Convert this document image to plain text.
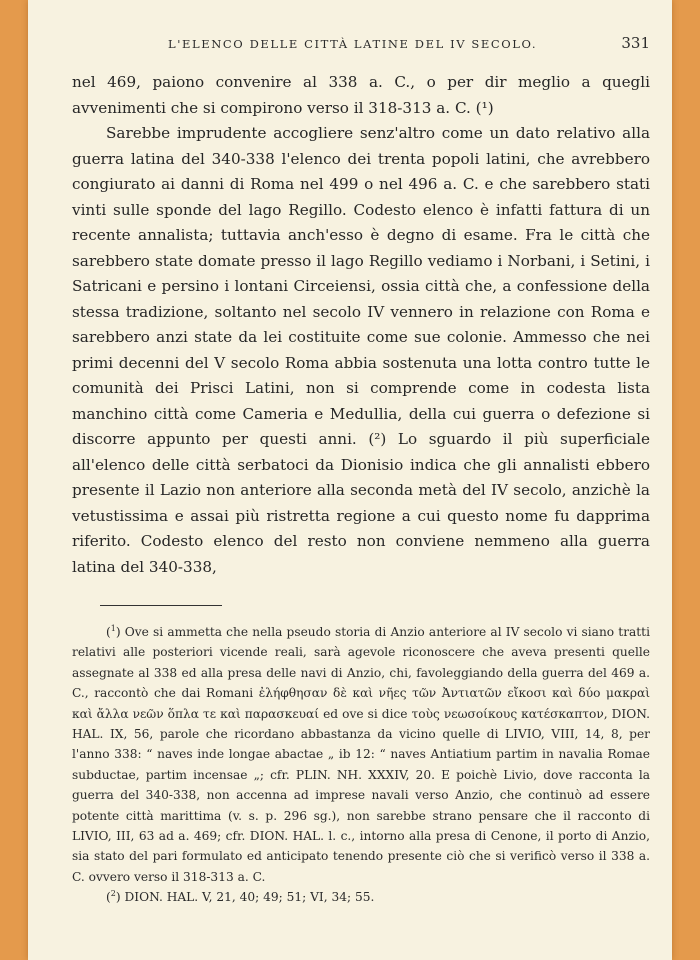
L'ELENCO DELLE CITTÀ LATINE DEL IV SECOLO.	331

nel 469, paiono convenire al 338 a. C., o per dir meglio a quegli avvenimenti che si compirono verso il 318-313 a. C. (¹)

Sarebbe imprudente accogliere senz'altro come un dato relativo alla guerra latina del 340-338 l'elenco dei trenta popoli latini, che avrebbero congiurato ai danni di Roma nel 499 o nel 496 a. C. e che sarebbero stati vinti sulle sponde del lago Regillo. Codesto elenco è infatti fattura di un recente annalista; tuttavia anch'esso è degno di esame. Fra le città che sarebbero state domate presso il lago Regillo vediamo i Norbani, i Setini, i Satricani e persino i lontani Circeiensi, ossia città che, a confessione della stessa tradizione, soltanto nel secolo IV vennero in relazione con Roma e sarebbero anzi state da lei costituite come sue colonie. Ammesso che nei primi decenni del V secolo Roma abbia sostenuta una lotta contro tutte le comunità dei Prisci Latini, non si comprende come in codesta lista manchino città come Cameria e Medullia, della cui guerra o defezione si discorre appunto per questi anni. (²) Lo sguardo il più superficiale all'elenco delle città serbatoci da Dionisio indica che gli annalisti ebbero presente il Lazio non anteriore alla seconda metà del IV secolo, anzichè la vetustissima e assai più ristretta regione a cui questo nome fu dapprima riferito. Codesto elenco del resto non conviene nemmeno alla guerra latina del 340-338,

($^1$) Ove si ammetta che nella pseudo storia di Anzio anteriore al IV secolo vi siano tratti relativi alle posteriori vicende reali, sarà agevole riconoscere che aveva presenti quelle assegnate al 338 ed alla presa delle navi di Anzio, chi, favoleggiando della guerra del 469 a. C., raccontò che dai Romani ἐλήφθησαν δὲ καὶ νῆες τῶν Ἀντιατῶν εἴκοσι καὶ δύο μακραὶ καὶ ἄλλα νεῶν ὅπλα τε καὶ παρασκευαί ed ove si dice τοὺς νεωσοίκους κατέσκαπτον, DION. HAL. IX, 56, parole che ricordano abbastanza da vicino quelle di LIVIO, VIII, 14, 8, per l'anno 338: “ naves inde longae abactae „ ib 12: “ naves Antiatium partim in navalia Romae subductae, partim incensae „; cfr. PLIN. NH. XXXIV, 20. E poichè Livio, dove racconta la guerra del 340-338, non accenna ad imprese navali verso Anzio, che continuò ad essere potente città marittima (v. s. p. 296 sg.), non sarebbe strano pensare che il racconto di LIVIO, III, 63 ad a. 469; cfr. DION. HAL. l. c., intorno alla presa di Cenone, il porto di Anzio, sia stato del pari formulato ed anticipato tenendo presente ciò che si verificò verso il 338 a. C. ovvero verso il 318-313 a. C.

($^2$) DION. HAL. V, 21, 40; 49; 51; VI, 34; 55.
